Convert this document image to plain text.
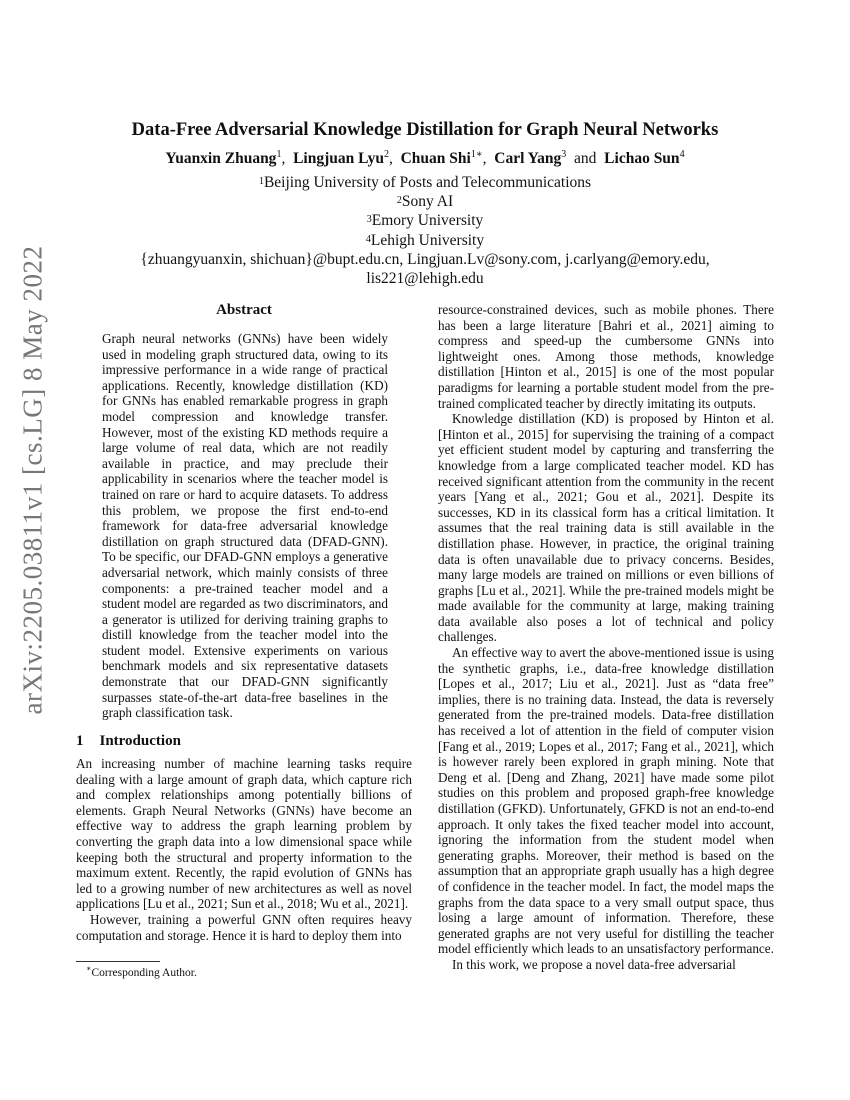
arXiv:2205.03811v1 [cs.LG] 8 May 2022
Data-Free Adversarial Knowledge Distillation for Graph Neural Networks
Yuanxin Zhuang$^1$, Lingjuan Lyu$^2$, Chuan Shi$^{1∗}$, Carl Yang$^3$ and Lichao Sun$^4$
$^1$Beijing University of Posts and Telecommunications
$^2$Sony AI
$^3$Emory University
$^4$Lehigh University
{zhuangyuanxin, shichuan}@bupt.edu.cn, Lingjuan.Lv@sony.com, j.carlyang@emory.edu,
lis221@lehigh.edu
Abstract
Graph neural networks (GNNs) have been widely used in modeling graph structured data, owing to its impressive performance in a wide range of practical applications. Recently, knowledge distillation (KD) for GNNs has enabled remarkable progress in graph model compression and knowledge transfer. However, most of the existing KD methods require a large volume of real data, which are not readily available in practice, and may preclude their applicability in scenarios where the teacher model is trained on rare or hard to acquire datasets. To address this problem, we propose the first end-to-end framework for data-free adversarial knowledge distillation on graph structured data (DFAD-GNN). To be specific, our DFAD-GNN employs a generative adversarial network, which mainly consists of three components: a pre-trained teacher model and a student model are regarded as two discriminators, and a generator is utilized for deriving training graphs to distill knowledge from the teacher model into the student model. Extensive experiments on various benchmark models and six representative datasets demonstrate that our DFAD-GNN significantly surpasses state-of-the-art data-free baselines in the graph classification task.
1 Introduction

An increasing number of machine learning tasks require dealing with a large amount of graph data, which capture rich and complex relationships among potentially billions of elements. Graph Neural Networks (GNNs) have become an effective way to address the graph learning problem by converting the graph data into a low dimensional space while keeping both the structural and property information to the maximum extent. Recently, the rapid evolution of GNNs has led to a growing number of new architectures as well as novel applications [Lu et al., 2021; Sun et al., 2018; Wu et al., 2021].

However, training a powerful GNN often requires heavy computation and storage. Hence it is hard to deploy them into

∗Corresponding Author.

resource-constrained devices, such as mobile phones. There has been a large literature [Bahri et al., 2021] aiming to compress and speed-up the cumbersome GNNs into lightweight ones. Among those methods, knowledge distillation [Hinton et al., 2015] is one of the most popular paradigms for learning a portable student model from the pre-trained complicated teacher by directly imitating its outputs.

Knowledge distillation (KD) is proposed by Hinton et al. [Hinton et al., 2015] for supervising the training of a compact yet efficient student model by capturing and transferring the knowledge from a large complicated teacher model. KD has received significant attention from the community in the recent years [Yang et al., 2021; Gou et al., 2021]. Despite its successes, KD in its classical form has a critical limitation. It assumes that the real training data is still available in the distillation phase. However, in practice, the original training data is often unavailable due to privacy concerns. Besides, many large models are trained on millions or even billions of graphs [Lu et al., 2021]. While the pre-trained models might be made available for the community at large, making training data available also poses a lot of technical and policy challenges.

An effective way to avert the above-mentioned issue is using the synthetic graphs, i.e., data-free knowledge distillation [Lopes et al., 2017; Liu et al., 2021]. Just as “data free” implies, there is no training data. Instead, the data is reversely generated from the pre-trained models. Data-free distillation has received a lot of attention in the field of computer vision [Fang et al., 2019; Lopes et al., 2017; Fang et al., 2021], which is however rarely been explored in graph mining. Note that Deng et al. [Deng and Zhang, 2021] have made some pilot studies on this problem and proposed graph-free knowledge distillation (GFKD). Unfortunately, GFKD is not an end-to-end approach. It only takes the fixed teacher model into account, ignoring the information from the student model when generating graphs. Moreover, their method is based on the assumption that an appropriate graph usually has a high degree of confidence in the teacher model. In fact, the model maps the graphs from the data space to a very small output space, thus losing a large amount of information. Therefore, these generated graphs are not very useful for distilling the teacher model efficiently which leads to an unsatisfactory performance.

In this work, we propose a novel data-free adversarial
